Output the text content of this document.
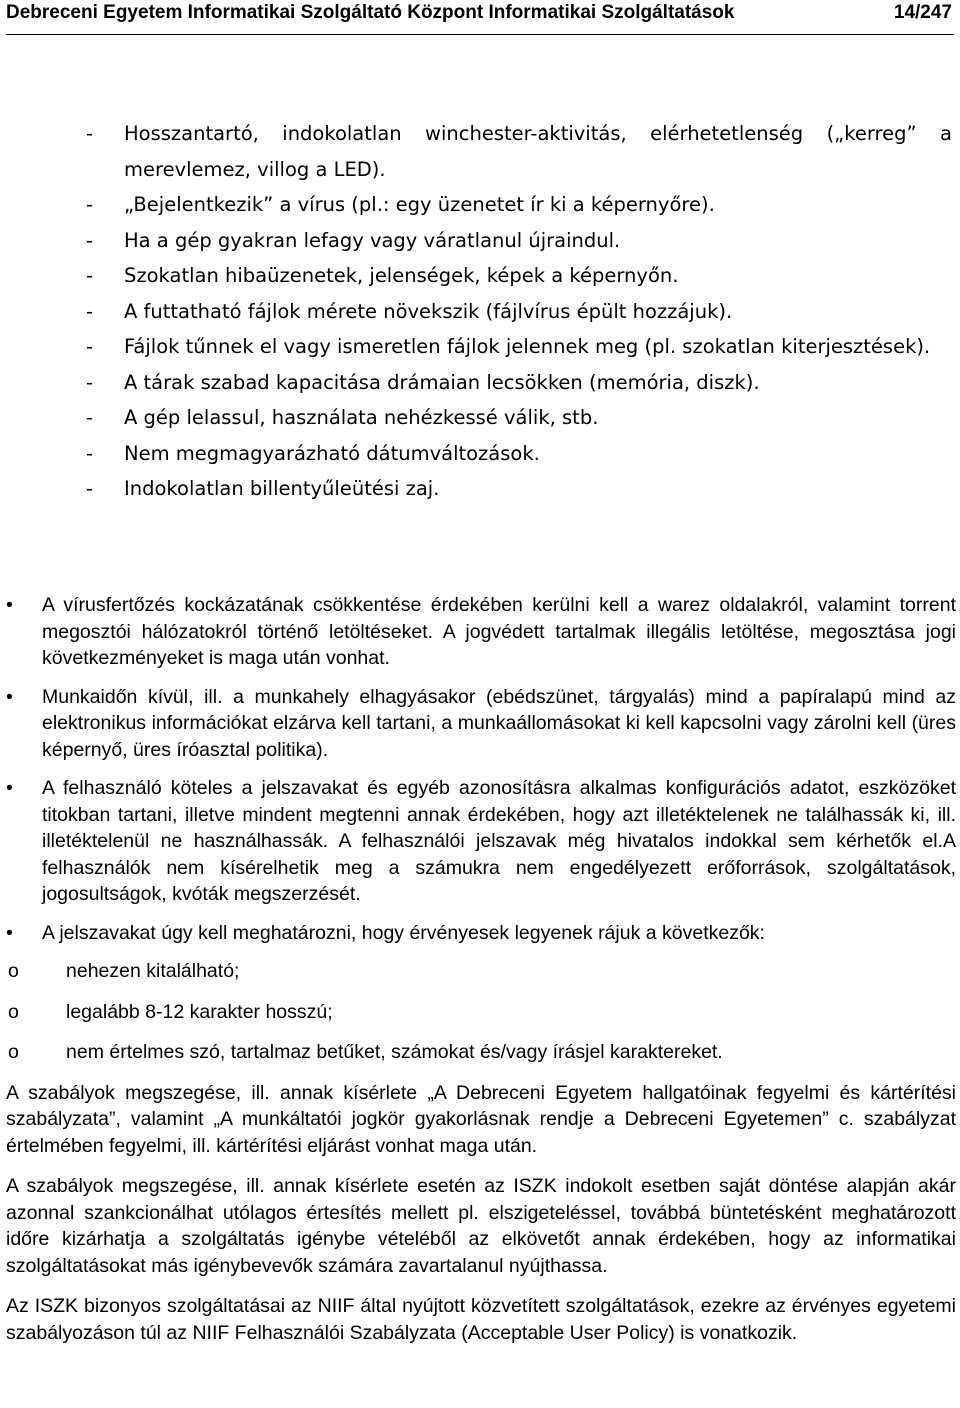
Debreceni Egyetem Informatikai Szolgáltató Központ Informatikai Szolgáltatások	14/247
- Hosszantartó, indokolatlan winchester-aktivitás, elérhetetlenség („kerreg” a merevlemez, villog a LED).
- „Bejelentkezik” a vírus (pl.: egy üzenetet ír ki a képernyőre).
- Ha a gép gyakran lefagy vagy váratlanul újraindul.
- Szokatlan hibaüzenetek, jelenségek, képek a képernyőn.
- A futtatható fájlok mérete növekszik (fájlvírus épült hozzájuk).
- Fájlok tűnnek el vagy ismeretlen fájlok jelennek meg (pl. szokatlan kiterjesztések).
- A tárak szabad kapacitása drámaian lecsökken (memória, diszk).
- A gép lelassul, használata nehézkessé válik, stb.
- Nem megmagyarázható dátumváltozások.
- Indokolatlan billentyűleütési zaj.
• A vírusfertőzés kockázatának csökkentése érdekében kerülni kell a warez oldalakról, valamint torrent megosztói hálózatokról történő letöltéseket. A jogvédett tartalmak illegális letöltése, megosztása jogi következményeket is maga után vonhat.
• Munkaidőn kívül, ill. a munkahely elhagyásakor (ebédszünet, tárgyalás) mind a papíralapú mind az elektronikus információkat elzárva kell tartani, a munkaállomásokat ki kell kapcsolni vagy zárolni kell (üres képernyő, üres íróasztal politika).
• A felhasználó köteles a jelszavakat és egyéb azonosításra alkalmas konfigurációs adatot, eszközöket titokban tartani, illetve mindent megtenni annak érdekében, hogy azt illetéktelenek ne találhassák ki, ill. illetéktelenül ne használhassák. A felhasználói jelszavak még hivatalos indokkal sem kérhetők el.A felhasználók nem kísérelhetik meg a számukra nem engedélyezett erőforrások, szolgáltatások, jogosultságok, kvóták megszerzését.
• A jelszavakat úgy kell meghatározni, hogy érvényesek legyenek rájuk a következők:
o nehezen kitalálható;
o legalább 8-12 karakter hosszú;
o nem értelmes szó, tartalmaz betűket, számokat és/vagy írásjel karaktereket.
A szabályok megszegése, ill. annak kísérlete „A Debreceni Egyetem hallgatóinak fegyelmi és kártérítési szabályzata”, valamint „A munkáltatói jogkör gyakorlásnak rendje a Debreceni Egyetemen” c. szabályzat értelmében fegyelmi, ill. kártérítési eljárást vonhat maga után.
A szabályok megszegése, ill. annak kísérlete esetén az ISZK indokolt esetben saját döntése alapján akár azonnal szankcionálhat utólagos értesítés mellett pl. elszigeteléssel, továbbá büntetésként meghatározott időre kizárhatja a szolgáltatás igénybe vételéből az elkövetőt annak érdekében, hogy az informatikai szolgáltatásokat más igénybevevők számára zavartalanul nyújthassa.
Az ISZK bizonyos szolgáltatásai az NIIF által nyújtott közvetített szolgáltatások, ezekre az érvényes egyetemi szabályozáson túl az NIIF Felhasználói Szabályzata (Acceptable User Policy) is vonatkozik.
